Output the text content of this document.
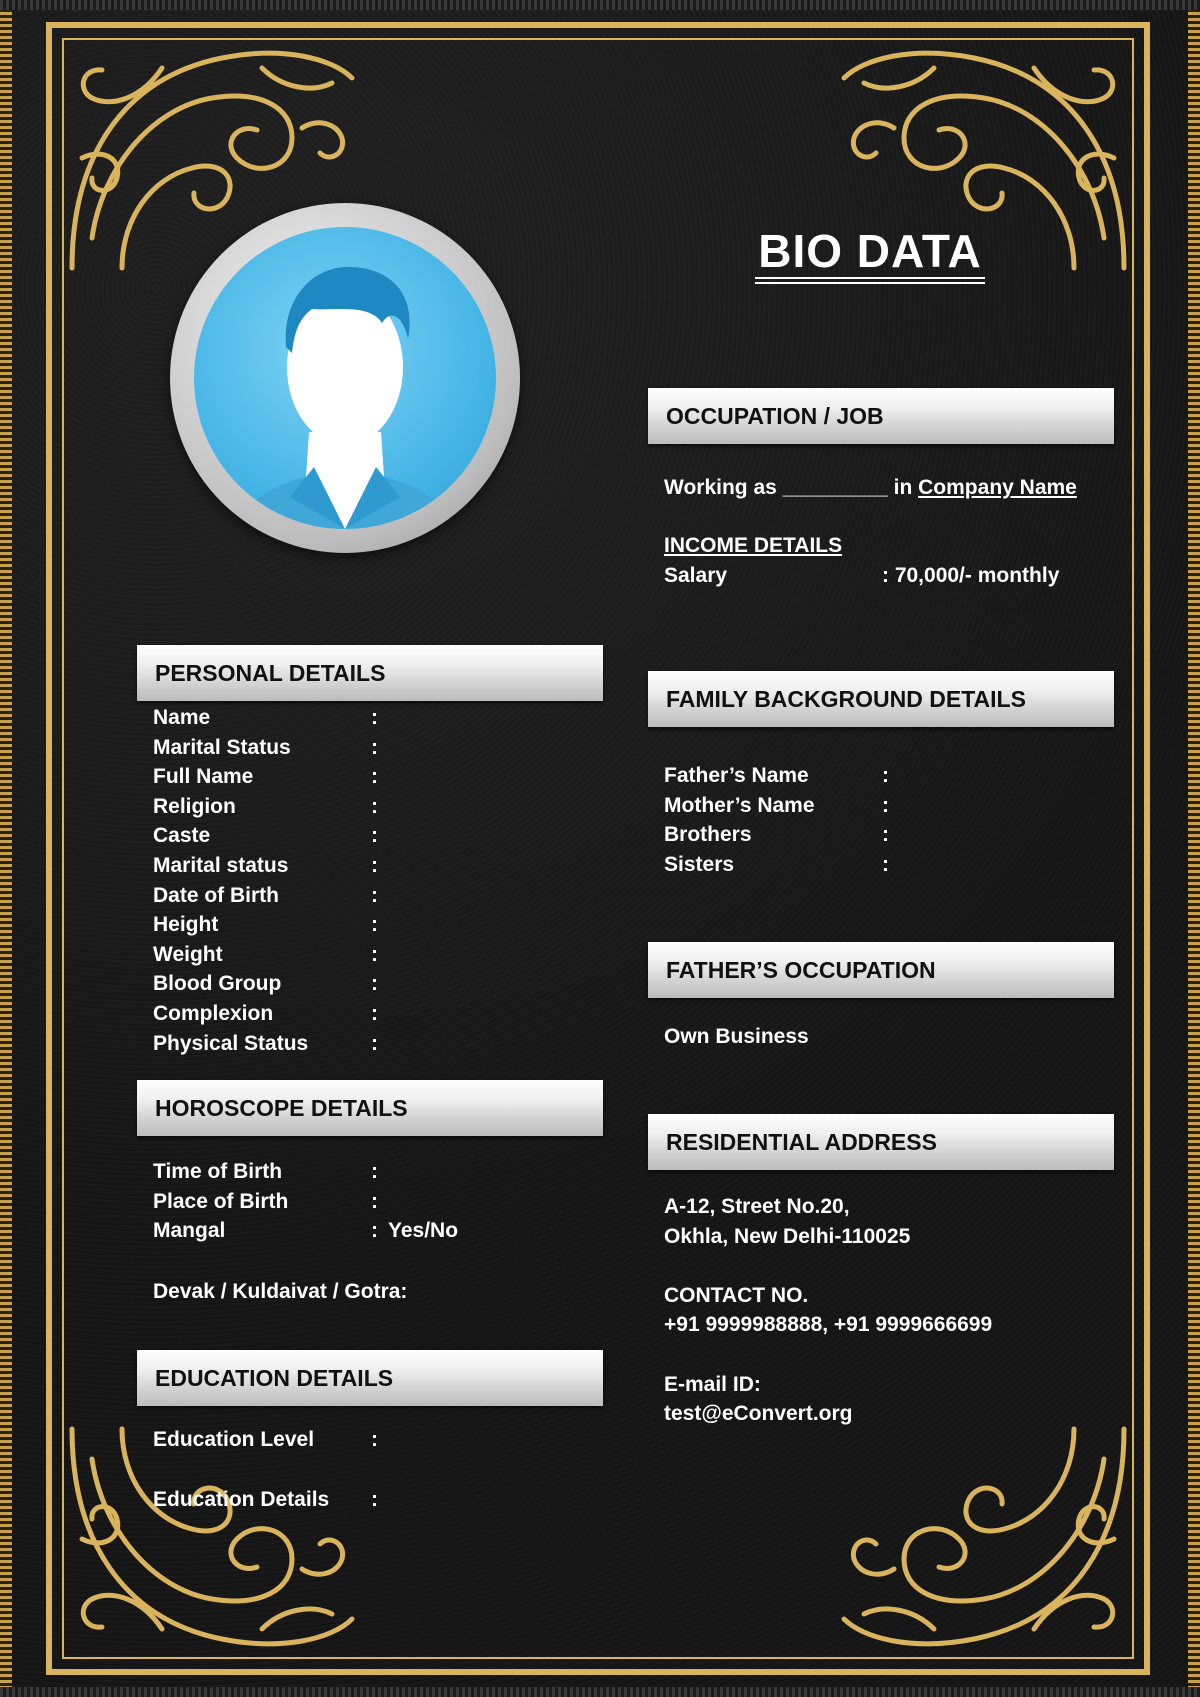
BIO DATA
OCCUPATION / JOB
Working as _________ in Company Name
INCOME DETAILS
Salary	: 70,000/- monthly
PERSONAL DETAILS
Name	:
Marital Status	:
Full Name	:
Religion	:
Caste	:
Marital status	:
Date of Birth	:
Height	:
Weight	:
Blood Group	:
Complexion	:
Physical Status	:
FAMILY BACKGROUND DETAILS
Father’s Name	:
Mother’s Name	:
Brothers	:
Sisters	:
FATHER’S OCCUPATION
Own Business
HOROSCOPE DETAILS
Time of Birth	:
Place of Birth	:
Mangal	: Yes/No
Devak / Kuldaivat / Gotra:
RESIDENTIAL ADDRESS
A-12, Street No.20,
Okhla, New Delhi-110025
CONTACT NO.
+91 9999988888, +91 9999666699
E-mail ID:
test@eConvert.org
EDUCATION DETAILS
Education Level	:
Education Details :
